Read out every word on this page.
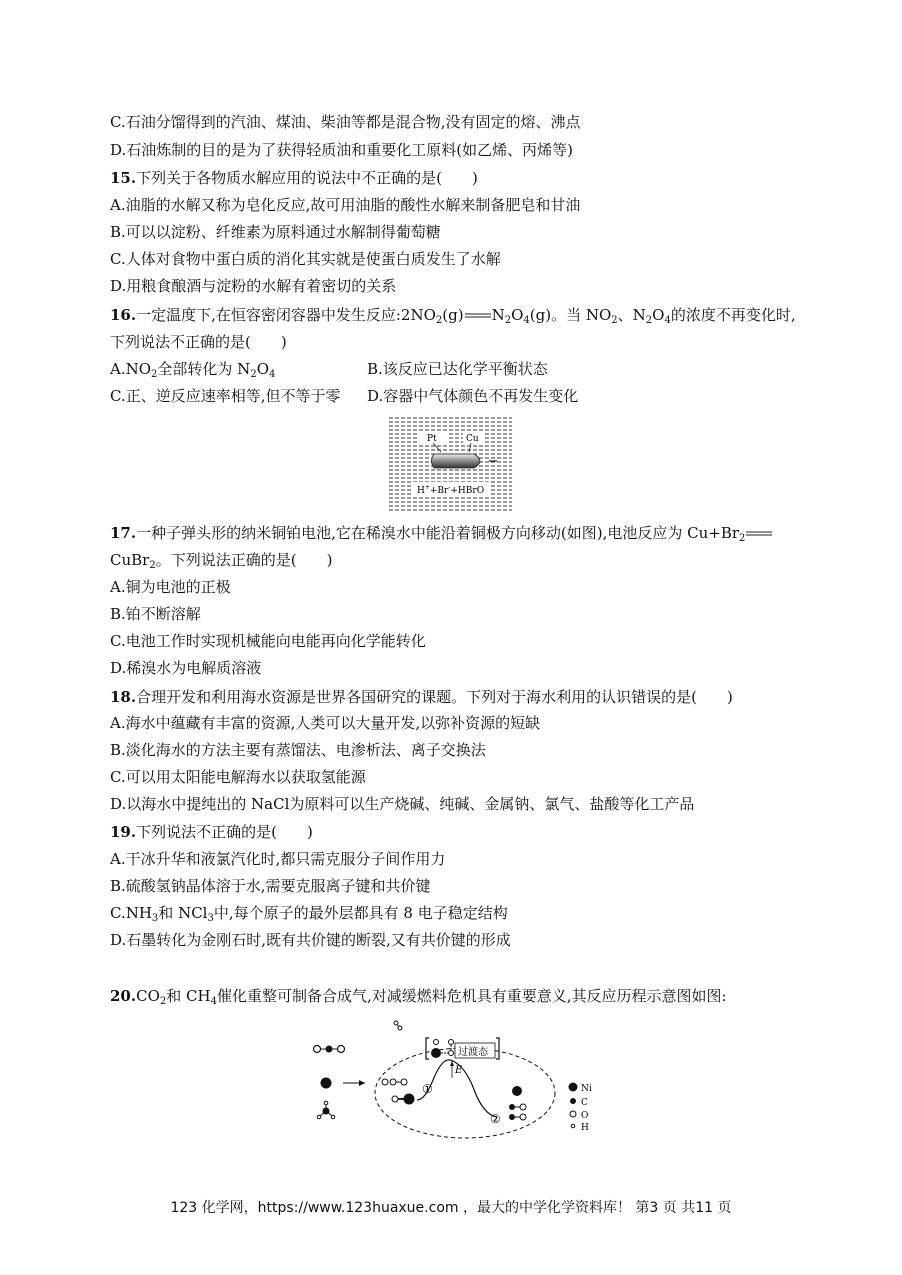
C.石油分馏得到的汽油、煤油、柴油等都是混合物,没有固定的熔、沸点
D.石油炼制的目的是为了获得轻质油和重要化工原料(如乙烯、丙烯等)
15.下列关于各物质水解应用的说法中不正确的是(　　)
A.油脂的水解又称为皂化反应,故可用油脂的酸性水解来制备肥皂和甘油
B.可以以淀粉、纤维素为原料通过水解制得葡萄糖
C.人体对食物中蛋白质的消化其实就是使蛋白质发生了水解
D.用粮食酿酒与淀粉的水解有着密切的关系
16.一定温度下,在恒容密闭容器中发生反应$:2NO_2(g)$ $N_2O_4(g)$。当 $NO_2$、$N_2O_4$的浓度不再变化时,
下列说法不正确的是(　　)
$A.NO_2$全部转化为 $N_2O_4$	B.该反应已达化学平衡状态
C.正、逆反应速率相等,但不等于零 D.容器中气体颜色不再发生变化
Pt	Cu
H++Br-+HBrO
17.一种子弹头形的纳米铜铂电池,它在稀溴水中能沿着铜极方向移动(如图),电池反应为 $Cu+Br_2$
CuBr$_2$。下列说法正确的是(　　)
A.铜为电池的正极
B.铂不断溶解
C.电池工作时实现机械能向电能再向化学能转化
D.稀溴水为电解质溶液
18.合理开发和利用海水资源是世界各国研究的课题。下列对于海水利用的认识错误的是(　　)
A.海水中蕴藏有丰富的资源,人类可以大量开发,以弥补资源的短缺
B.淡化海水的方法主要有蒸馏法、电渗析法、离子交换法
C.可以用太阳能电解海水以获取氢能源
D.以海水中提纯出的 NaCl为原料可以生产烧碱、纯碱、金属钠、氯气、盐酸等化工产品
19.下列说法不正确的是(　　)
A.干冰升华和液氯汽化时,都只需克服分子间作用力
B.硫酸氢钠晶体溶于水,需要克服离子键和共价键
$C.NH_3$和 NCl$_3$中,每个原子的最外层都具有 8 电子稳定结构
D.石墨转化为金刚石时,既有共价键的断裂,又有共价键的形成
$20.CO_2$和 $CH_4$催化重整可制备合成气,对减缓燃料危机具有重要意义,其反应历程示意图如图:
过渡态
E
①
②
Ni
C
O
H
123 化学网，https://www.123huaxue.com ，最大的中学化学资料库！ 第3 页 共11 页
